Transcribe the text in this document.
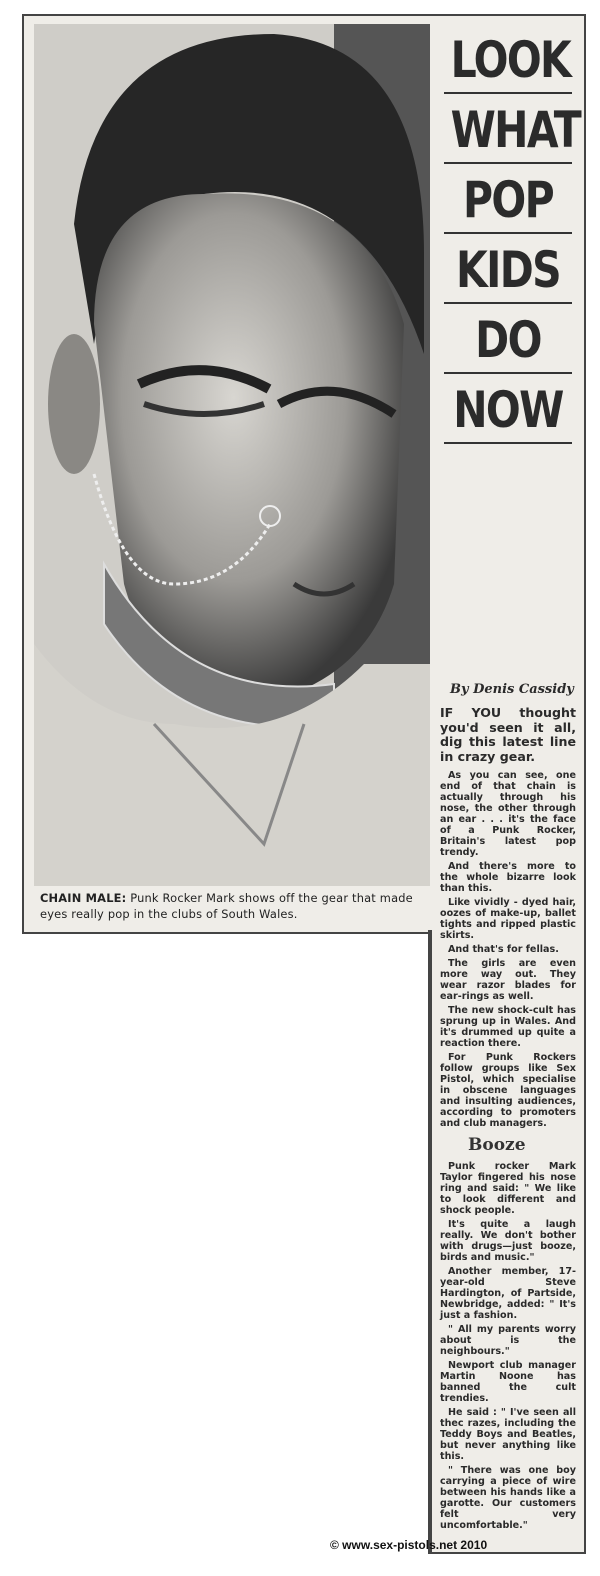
CHAIN MALE: Punk Rocker Mark shows off the gear that made eyes really pop in the clubs of South Wales.
LOOK
WHAT
POP
KIDS
DO
NOW
By Denis Cassidy

IF YOU thought you'd seen it all, dig this latest line in crazy gear.

As you can see, one end of that chain is actually through his nose, the other through an ear . . . it's the face of a Punk Rocker, Britain's latest pop trendy.

And there's more to the whole bizarre look than this.

Like vividly - dyed hair, oozes of make-up, ballet tights and ripped plastic skirts.

And that's for fellas.

The girls are even more way out. They wear razor blades for ear-rings as well.

The new shock-cult has sprung up in Wales. And it's drummed up quite a reaction there.

For Punk Rockers follow groups like Sex Pistol, which specialise in obscene languages and insulting audiences, according to promoters and club managers.

Booze

Punk rocker Mark Taylor fingered his nose ring and said: " We like to look different and shock people.

It's quite a laugh really. We don't bother with drugs—just booze, birds and music."

Another member, 17-year-old Steve Hardington, of Partside, Newbridge, added: " It's just a fashion.

" All my parents worry about is the neighbours."

Newport club manager Martin Noone has banned the cult trendies.

He said : " I've seen all thec razes, including the Teddy Boys and Beatles, but never anything like this.

" There was one boy carrying a piece of wire between his hands like a garotte. Our customers felt very uncomfortable."

© www.sex-pistols.net 2010
